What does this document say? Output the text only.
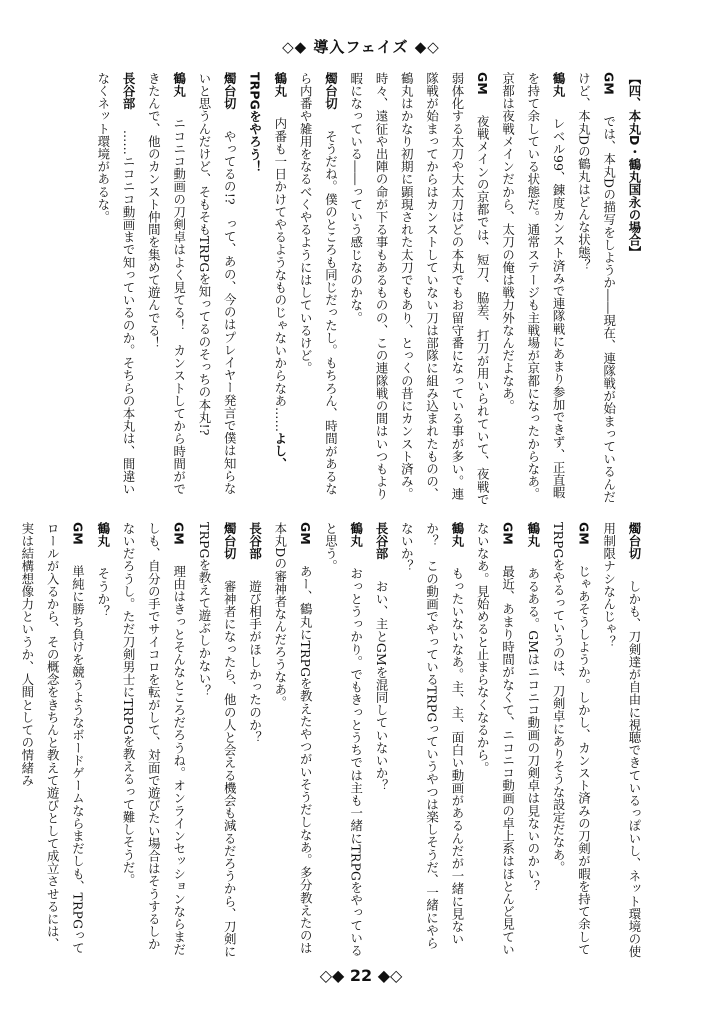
◇◆ 導入フェイズ ◆◇
【四、本丸D・鶴丸国永の場合】
GM　では、本丸Dの描写をしようか――現在、連隊戦が始まっているんだけど、本丸Dの鶴丸はどんな状態？
鶴丸　レベル99、錬度カンスト済みで連隊戦にあまり参加できず、正直暇を持て余している状態だ。通常ステージも主戦場が京都になったからなあ。京都は夜戦メインだから、太刀の俺は戦力外なんだよなあ。
GM　夜戦メインの京都では、短刀、脇差、打刀が用いられていて、夜戦で弱体化する太刀や大太刀はどの本丸でもお留守番になっている事が多い。連隊戦が始まってからはカンストしていない刀は部隊に組み込まれたものの、鶴丸はかなり初期に顕現された太刀でもあり、とっくの昔にカンスト済み。時々、遠征や出陣の命が下る事もあるものの、この連隊戦の間はいつもより暇になっている――っていう感じなのかな。
燭台切　そうだね。僕のところも同じだったし。もちろん、時間があるなら内番や雑用をなるべくやるようにはしているけど。
鶴丸　内番も一日かけてやるようなものじゃないからなあ……よし、TRPGをやろう！
燭台切　やってるの!?　って、あの、今のはプレイヤー発言で僕は知らないと思うんだけど、そもそもTRPGを知ってるのそっちの本丸!?
鶴丸　ニコニコ動画の刀剣卓はよく見てる！　カンストしてから時間ができたんで、他のカンスト仲間を集めて遊んでる！
長谷部　……ニコニコ動画まで知っているのか。そちらの本丸は、間違いなくネット環境があるな。
燭台切　しかも、刀剣達が自由に視聴できているっぽいし、ネット環境の使用制限ナシなんじゃ？
GM　じゃあそうしようか。しかし、カンスト済みの刀剣が暇を持て余してTRPGをやるっていうのは、刀剣卓にありそうな設定だなあ。
鶴丸　あるある。GMはニコニコ動画の刀剣卓は見ないのかい？
GM　最近、あまり時間がなくて、ニコニコ動画の卓上系はほとんど見ていないなあ。見始めると止まらなくなるから。
鶴丸　もったいないなあ。主、主、面白い動画があるんだが一緒に見ないか？　この動画でやっているTRPGっていうやつは楽しそうだ、一緒にやらないか？
長谷部　おい、主とGMを混同していないか？
鶴丸　おっとうっかり。でもきっとうちでは主も一緒にTRPGをやっていると思う。
GM　あー、鶴丸にTRPGを教えたやつがいそうだしなあ。多分教えたのは本丸Dの審神者なんだろうなあ。
長谷部　遊び相手がほしかったのか？
燭台切　審神者になったら、他の人と会える機会も減るだろうから、刀剣にTRPGを教えて遊ぶしかない？
GM　理由はきっとそんなところだろうね。オンラインセッションならまだしも、自分の手でサイコロを転がして、対面で遊びたい場合はそうするしかないだろうし。ただ刀剣男士にTRPGを教えるって難しそうだ。
鶴丸　そうか？
GM　単純に勝ち負けを競うようなボードゲームならまだしも、TRPGってロールが入るから、その概念をきちんと教えて遊びとして成立させるには、実は結構想像力というか、人間としての情緒み
◇◆ 22 ◆◇
